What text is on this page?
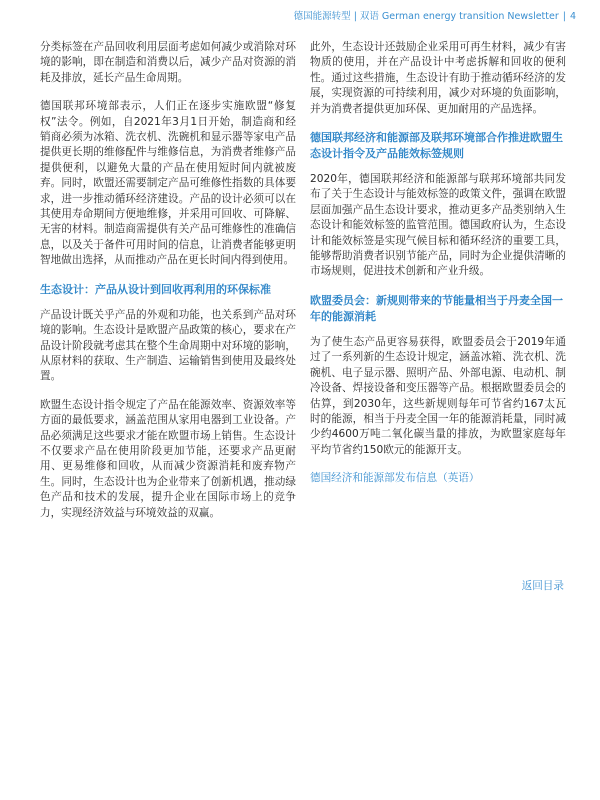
德国能源转型 | 双语 German energy transition Newsletter | 4

分类标签在产品回收利用层面考虑如何减少或消除对环境的影响，即在制造和消费以后，减少产品对资源的消耗及排放，延长产品生命周期。

德国联邦环境部表示，人们正在逐步实施欧盟“修复权”法令。例如，自2021年3月1日开始，制造商和经销商必须为冰箱、洗衣机、洗碗机和显示器等家电产品提供更长期的维修配件与维修信息，为消费者维修产品提供便利，以避免大量的产品在使用短时间内就被废弃。同时，欧盟还需要制定产品可维修性指数的具体要求，进一步推动循环经济建设。产品的设计必须可以在其使用寿命期间方便地维修，并采用可回收、可降解、无害的材料。制造商需提供有关产品可维修性的准确信息，以及关于备件可用时间的信息，让消费者能够更明智地做出选择，从而推动产品在更长时间内得到使用。

生态设计：产品从设计到回收再利用的环保标准

产品设计既关乎产品的外观和功能，也关系到产品对环境的影响。生态设计是欧盟产品政策的核心，要求在产品设计阶段就考虑其在整个生命周期中对环境的影响，从原材料的获取、生产制造、运输销售到使用及最终处置。

欧盟生态设计指令规定了产品在能源效率、资源效率等方面的最低要求，涵盖范围从家用电器到工业设备。产品必须满足这些要求才能在欧盟市场上销售。生态设计不仅要求产品在使用阶段更加节能，还要求产品更耐用、更易维修和回收，从而减少资源消耗和废弃物产生。同时，生态设计也为企业带来了创新机遇，推动绿色产品和技术的发展，提升企业在国际市场上的竞争力，实现经济效益与环境效益的双赢。

此外，生态设计还鼓励企业采用可再生材料，减少有害物质的使用，并在产品设计中考虑拆解和回收的便利性。通过这些措施，生态设计有助于推动循环经济的发展，实现资源的可持续利用，减少对环境的负面影响，并为消费者提供更加环保、更加耐用的产品选择。

德国联邦经济和能源部及联邦环境部合作推进欧盟生态设计指令及产品能效标签规则

2020年，德国联邦经济和能源部与联邦环境部共同发布了关于生态设计与能效标签的政策文件，强调在欧盟层面加强产品生态设计要求，推动更多产品类别纳入生态设计和能效标签的监管范围。德国政府认为，生态设计和能效标签是实现气候目标和循环经济的重要工具，能够帮助消费者识别节能产品，同时为企业提供清晰的市场规则，促进技术创新和产业升级。

欧盟委员会：新规则带来的节能量相当于丹麦全国一年的能源消耗

为了使生态产品更容易获得，欧盟委员会于2019年通过了一系列新的生态设计规定，涵盖冰箱、洗衣机、洗碗机、电子显示器、照明产品、外部电源、电动机、制冷设备、焊接设备和变压器等产品。根据欧盟委员会的估算，到2030年，这些新规则每年可节省约167太瓦时的能源，相当于丹麦全国一年的能源消耗量，同时减少约4600万吨二氧化碳当量的排放，为欧盟家庭每年平均节省约150欧元的能源开支。

德国经济和能源部发布信息（英语）
返回目录
